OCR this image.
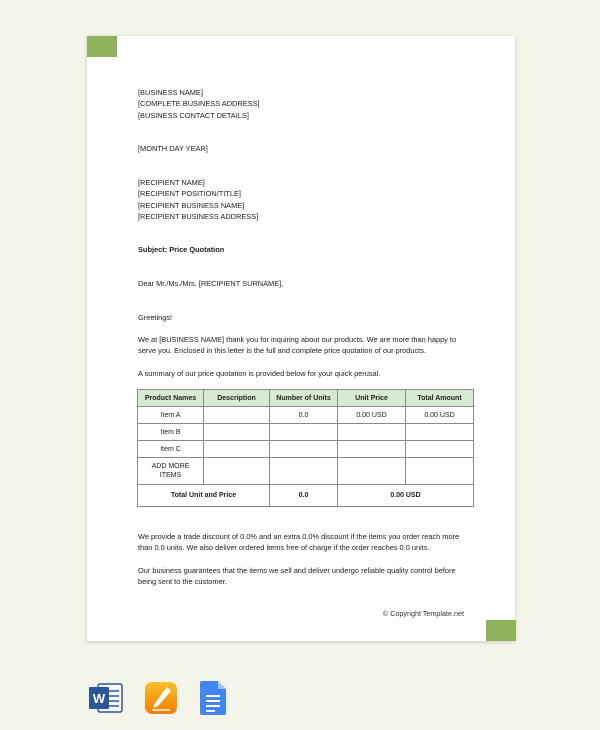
[BUSINESS NAME]

[COMPLETE BUSINESS ADDRESS]

[BUSINESS CONTACT DETAILS]

[MONTH DAY YEAR]

[RECIPIENT NAME]

[RECIPIENT POSITION/TITLE]

[RECIPIENT BUSINESS NAME]

[RECIPIENT BUSINESS ADDRESS]

Subject: Price Quotation
Dear Mr./Ms./Mrs. [RECIPIENT SURNAME],
Greetings!
We at [BUSINESS NAME] thank you for inquiring about our products. We are more than happy to serve you. Enclosed in this letter is the full and complete price quotation of our products.
A summary of our price quotation is provided below for your quick perusal.
Product Names	Description	Number of Units	Unit Price	Total Amount
Item A		0.0	0.00 USD	0.00 USD
Item B				
Item C				
ADD MORE ITEMS				
Total Unit and Price		0.0	0.00 USD	
We provide a trade discount of 0.0% and an extra 0.0% discount if the items you order reach more than 0.0 units. We also deliver ordered items free of charge if the order reaches 0.0 units.
Our business guarantees that the items we sell and deliver undergo reliable quality control before being sent to the customer.
© Copyright Template.net
W
